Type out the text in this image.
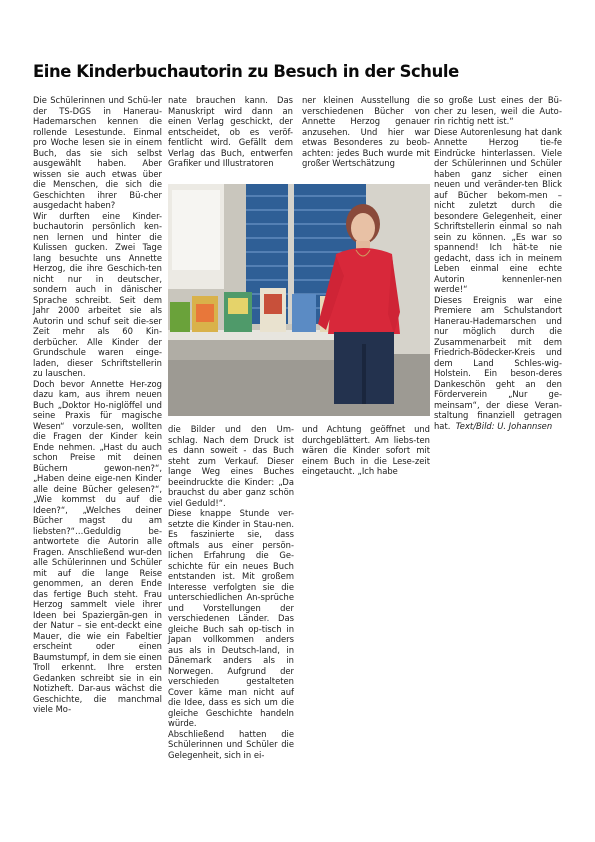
Eine Kinderbuchautorin zu Besuch in der Schule

Die Schülerinnen und Schü-ler der TS-DGS in Hanerau-Hademarschen kennen die rollende Lesestunde. Einmal pro Woche lesen sie in einem Buch, das sie sich selbst ausgewählt haben. Aber wissen sie auch etwas über die Menschen, die sich die Geschichten ihrer Bü-cher ausgedacht haben?

Wir durften eine Kinder-buchautorin persönlich ken-nen lernen und hinter die Kulissen gucken. Zwei Tage lang besuchte uns Annette Herzog, die ihre Geschich-ten nicht nur in deutscher, sondern auch in dänischer Sprache schreibt. Seit dem Jahr 2000 arbeitet sie als Autorin und schuf seit die-ser Zeit mehr als 60 Kin-derbücher. Alle Kinder der Grundschule waren einge-laden, dieser Schriftstellerin zu lauschen.

Doch bevor Annette Her-zog dazu kam, aus ihrem neuen Buch „Doktor Ho-niglöffel und seine Praxis für magische Wesen“ vorzule-sen, wollten die Fragen der Kinder kein Ende nehmen. „Hast du auch schon Preise mit deinen Büchern gewon-nen?“, „Haben deine eige-nen Kinder alle deine Bücher gelesen?“, „Wie kommst du auf die Ideen?“, „Welches deiner Bücher magst du am liebsten?“…Geduldig be-antwortete die Autorin alle Fragen. Anschließend wur-den alle Schülerinnen und Schüler mit auf die lange Reise genommen, an deren Ende das fertige Buch steht. Frau Herzog sammelt viele ihrer Ideen bei Spaziergän-gen in der Natur – sie ent-deckt eine Mauer, die wie ein Fabeltier erscheint oder einen Baumstumpf, in dem sie einen Troll erkennt. Ihre ersten Gedanken schreibt sie in ein Notizheft. Dar-aus wächst die Geschichte, die manchmal viele Mo-

nate brauchen kann. Das Manuskript wird dann an einen Verlag geschickt, der entscheidet, ob es veröf-fentlicht wird. Gefällt dem Verlag das Buch, entwerfen Grafiker und Illustratoren

ner kleinen Ausstellung die verschiedenen Bücher von Annette Herzog genauer anzusehen. Und hier war etwas Besonderes zu beob-achten: jedes Buch wurde mit großer Wertschätzung

die Bilder und den Um-schlag. Nach dem Druck ist es dann soweit - das Buch steht zum Verkauf. Dieser lange Weg eines Buches beeindruckte die Kinder: „Da brauchst du aber ganz schön viel Geduld!“.

Diese knappe Stunde ver-setzte die Kinder in Stau-nen. Es faszinierte sie, dass oftmals aus einer persön-lichen Erfahrung die Ge-schichte für ein neues Buch entstanden ist. Mit großem Interesse verfolgten sie die unterschiedlichen An-sprüche und Vorstellungen der verschiedenen Länder. Das gleiche Buch sah op-tisch in Japan vollkommen anders aus als in Deutsch-land, in Dänemark anders als in Norwegen. Aufgrund der verschieden gestalteten Cover käme man nicht auf die Idee, dass es sich um die gleiche Geschichte handeln würde.

Abschließend hatten die Schülerinnen und Schüler die Gelegenheit, sich in ei-

und Achtung geöffnet und durchgeblättert. Am liebs-ten wären die Kinder sofort mit einem Buch in die Lese-zeit eingetaucht. „Ich habe

so große Lust eines der Bü-cher zu lesen, weil die Auto-rin richtig nett ist.“

Diese Autorenlesung hat dank Annette Herzog tie-fe Eindrücke hinterlassen. Viele der Schülerinnen und Schüler haben ganz sicher einen neuen und veränder-ten Blick auf Bücher bekom-men – nicht zuletzt durch die besondere Gelegenheit, einer Schriftstellerin einmal so nah sein zu können. „Es war so spannend! Ich hät-te nie gedacht, dass ich in meinem Leben einmal eine echte Autorin kennenler-nen werde!“

Dieses Ereignis war eine Premiere am Schulstandort Hanerau-Hademarschen und nur möglich durch die Zusammenarbeit mit dem Friedrich-Bödecker-Kreis und dem Land Schles-wig-Holstein. Ein beson-deres Dankeschön geht an den Förderverein „Nur ge-meinsam“, der diese Veran-staltung finanziell getragen hat. Text/Bild: U. Johannsen
